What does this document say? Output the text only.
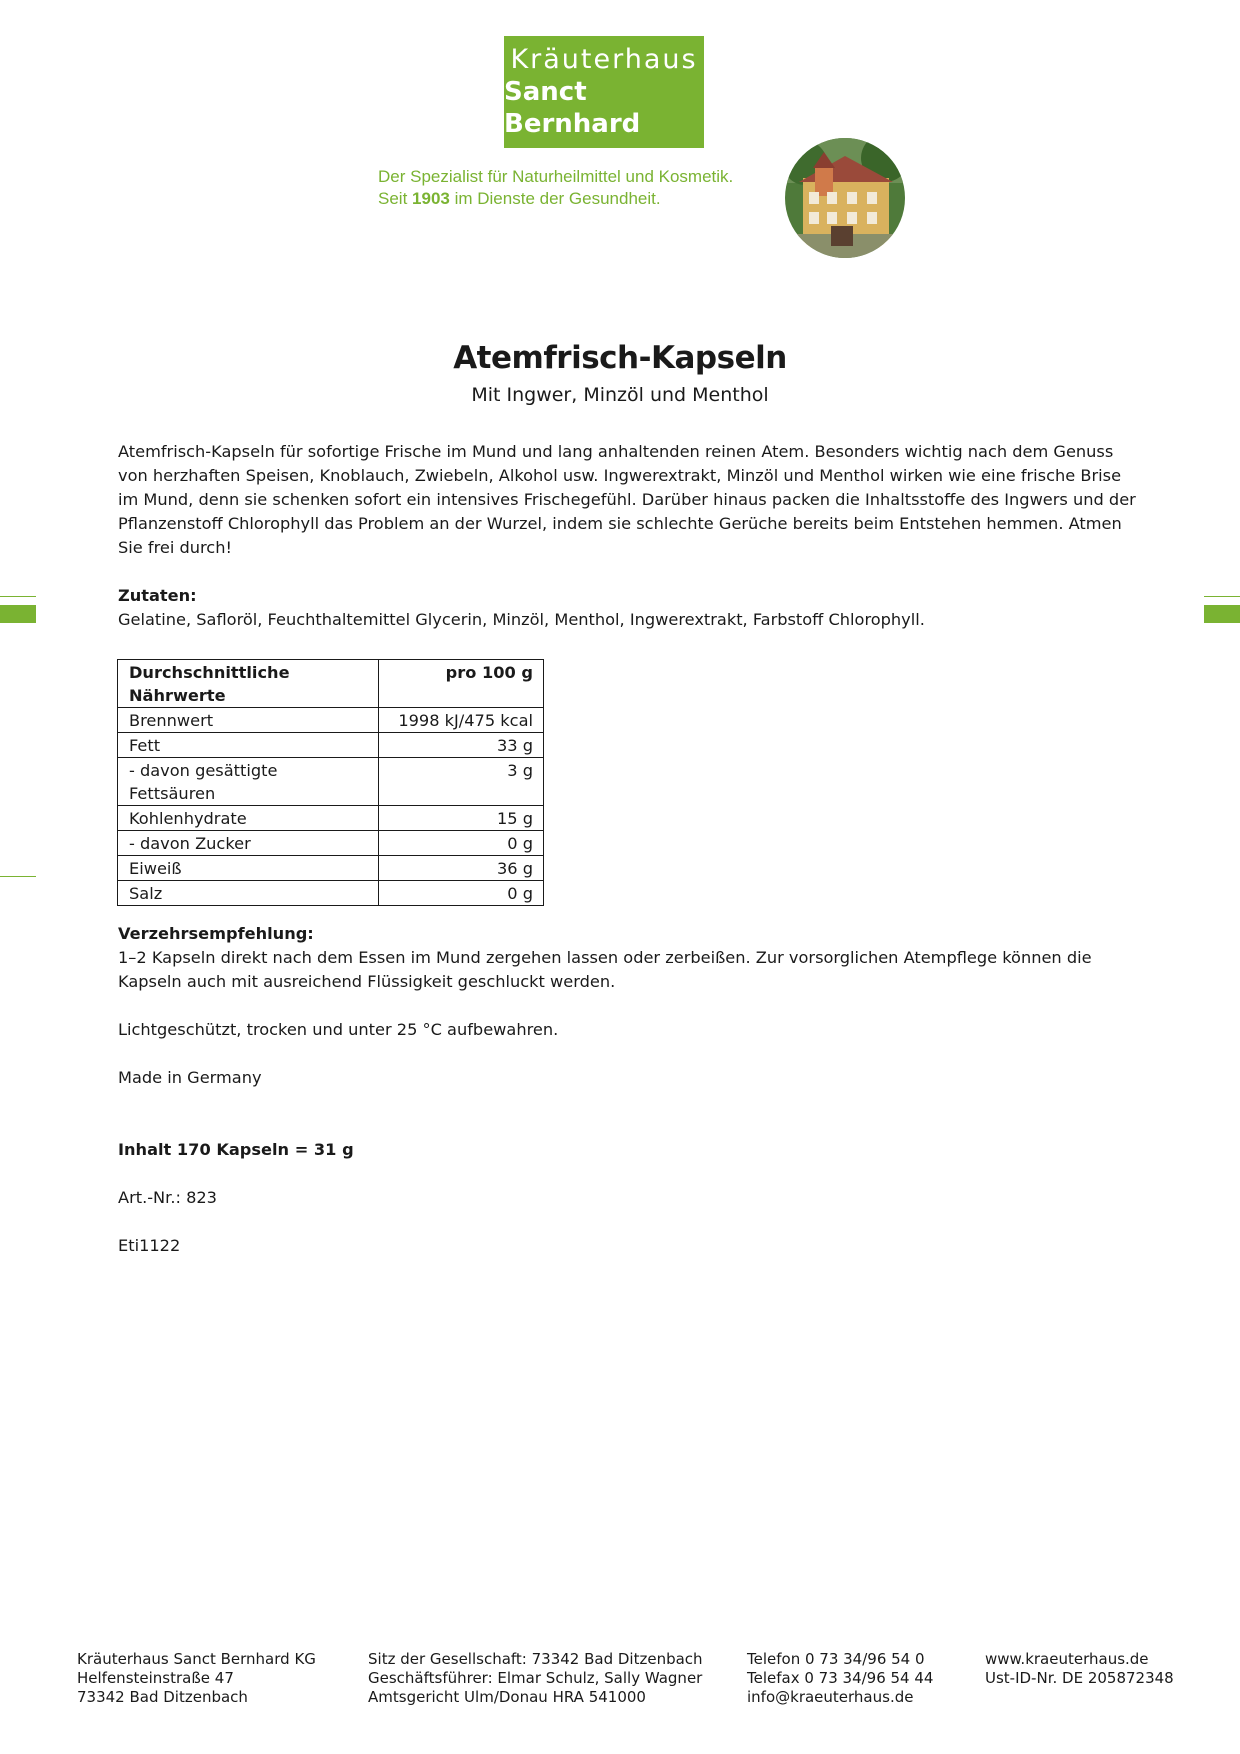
Kräuterhaus
Sanct Bernhard
Der Spezialist für Naturheilmittel und Kosmetik.
Seit 1903 im Dienste der Gesundheit.
Atemfrisch-Kapseln
Mit Ingwer, Minzöl und Menthol

Atemfrisch-Kapseln für sofortige Frische im Mund und lang anhaltenden reinen Atem. Besonders wichtig nach dem Genuss von herzhaften Speisen, Knoblauch, Zwiebeln, Alkohol usw. Ingwerextrakt, Minzöl und Menthol wirken wie eine frische Brise im Mund, denn sie schenken sofort ein intensives Frischegefühl. Darüber hinaus packen die Inhaltsstoffe des Ingwers und der Pflanzenstoff Chlorophyll das Problem an der Wurzel, indem sie schlechte Gerüche bereits beim Entstehen hemmen. Atmen Sie frei durch!

Zutaten:

Gelatine, Safloröl, Feuchthaltemittel Glycerin, Minzöl, Menthol, Ingwerextrakt, Farbstoff Chlorophyll.

Durchschnittliche Nährwerte	pro 100 g
Brennwert	1998 kJ/475 kcal
Fett	33 g
- davon gesättigte Fettsäuren	3 g
Kohlenhydrate	15 g
- davon Zucker	0 g
Eiweiß	36 g
Salz	0 g

Verzehrsempfehlung:

1–2 Kapseln direkt nach dem Essen im Mund zergehen lassen oder zerbeißen. Zur vorsorglichen Atempflege können die Kapseln auch mit ausreichend Flüssigkeit geschluckt werden.

Lichtgeschützt, trocken und unter 25 °C aufbewahren.

Made in Germany

Inhalt 170 Kapseln = 31 g

Art.-Nr.: 823

Eti1122

Kräuterhaus Sanct Bernhard KG
Helfensteinstraße 47
73342 Bad Ditzenbach
Sitz der Gesellschaft: 73342 Bad Ditzenbach
Geschäftsführer: Elmar Schulz, Sally Wagner
Amtsgericht Ulm/Donau HRA 541000
Telefon 0 73 34/96 54 0
Telefax 0 73 34/96 54 44
info@kraeuterhaus.de
www.kraeuterhaus.de
Ust-ID-Nr. DE 205872348
